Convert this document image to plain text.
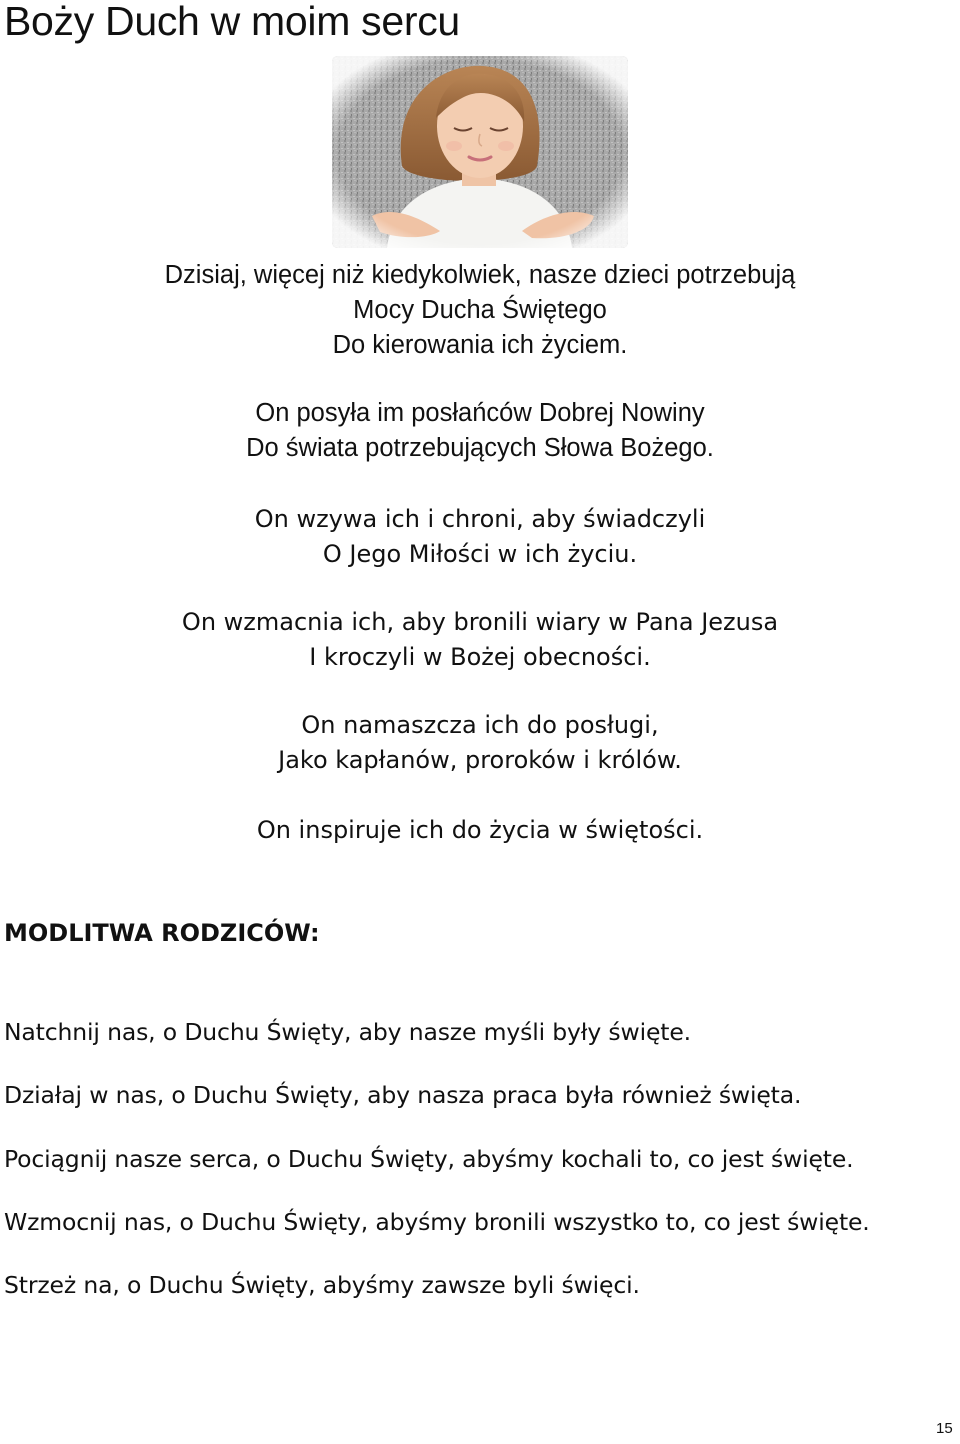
Boży Duch w moim sercu
Dzisiaj, więcej niż kiedykolwiek, nasze dzieci potrzebują
Mocy Ducha Świętego
Do kierowania ich życiem.
On posyła im posłańców Dobrej Nowiny
Do świata potrzebujących Słowa Bożego.
On wzywa ich i chroni, aby świadczyli
O Jego Miłości w ich życiu.
On wzmacnia ich, aby bronili wiary w Pana Jezusa
I kroczyli w Bożej obecności.
On namaszcza ich do posługi,
Jako kapłanów, proroków i królów.
On inspiruje ich do życia w świętości.
MODLITWA RODZICÓW:
Natchnij nas, o Duchu Święty, aby nasze myśli były święte.
Działaj w nas, o Duchu Święty, aby nasza praca była również święta.
Pociągnij nasze serca, o Duchu Święty, abyśmy kochali to, co jest święte.
Wzmocnij nas, o Duchu Święty, abyśmy bronili wszystko to, co jest święte.
Strzeż na, o Duchu Święty, abyśmy zawsze byli święci.
15
